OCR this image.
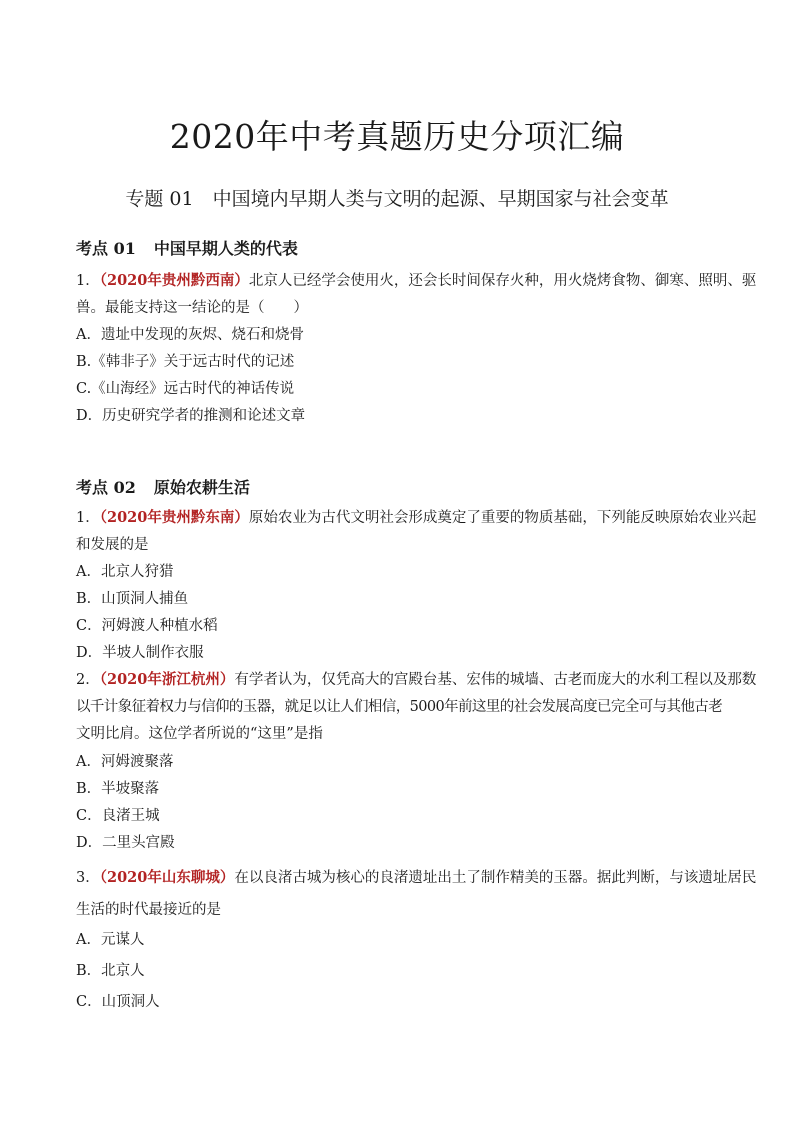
2020年中考真题历史分项汇编
专题 01　中国境内早期人类与文明的起源、早期国家与社会变革
考点 01 中国早期人类的代表
1．（2020年贵州黔西南）北京人已经学会使用火，还会长时间保存火种，用火烧烤食物、御寒、照明、驱
兽。最能支持这一结论的是（　　）
A．遗址中发现的灰烬、烧石和烧骨
B.《韩非子》关于远古时代的记述
C.《山海经》远古时代的神话传说
D．历史研究学者的推测和论述文章
考点 02 原始农耕生活
1．（2020年贵州黔东南）原始农业为古代文明社会形成奠定了重要的物质基础，下列能反映原始农业兴起
和发展的是
A．北京人狩猎
B．山顶洞人捕鱼
C．河姆渡人种植水稻
D．半坡人制作衣服
2．（2020年浙江杭州）有学者认为，仅凭高大的宫殿台基、宏伟的城墙、古老而庞大的水利工程以及那数
以千计象征着权力与信仰的玉器，就足以让人们相信，5000年前这里的社会发展高度已完全可与其他古老
文明比肩。这位学者所说的“这里”是指
A．河姆渡聚落
B．半坡聚落
C．良渚王城
D．二里头宫殿
3．（2020年山东聊城）在以良渚古城为核心的良渚遗址出土了制作精美的玉器。据此判断，与该遗址居民
生活的时代最接近的是
A．元谋人
B．北京人
C．山顶洞人
